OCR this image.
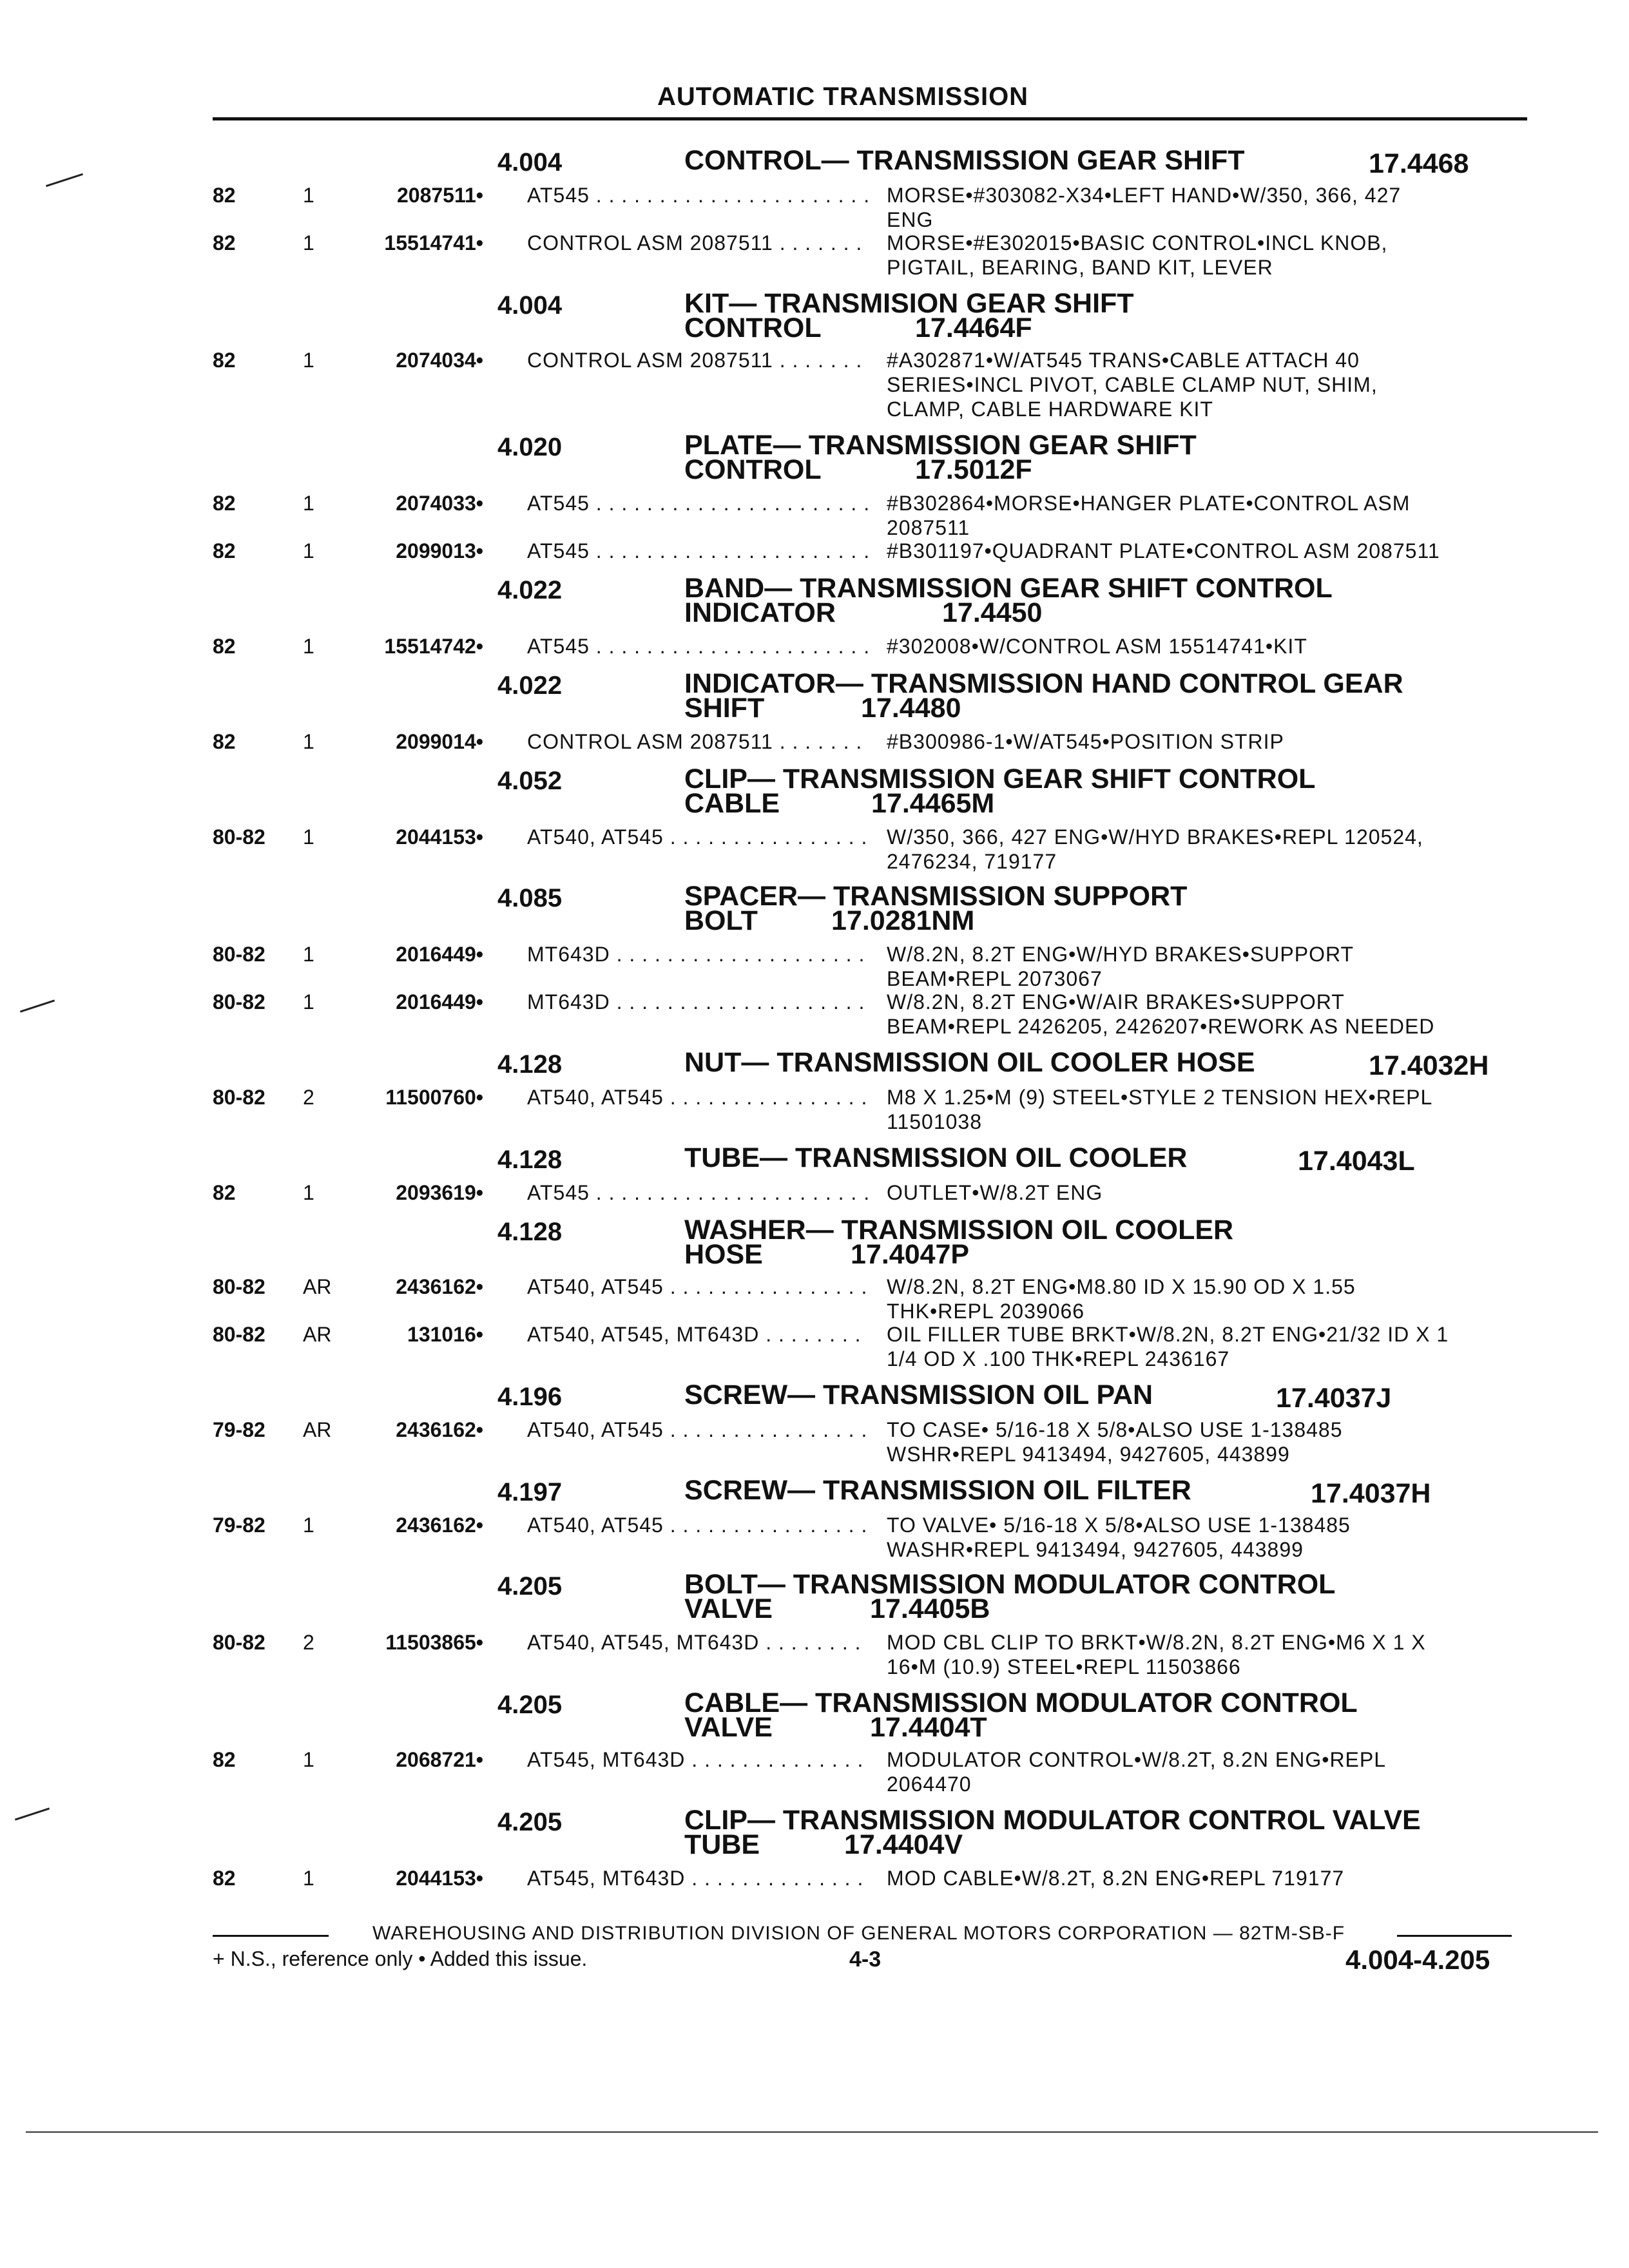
AUTOMATIC TRANSMISSION
4.004	CONTROL— TRANSMISSION GEAR SHIFT	17.4468
82	1	2087511• AT545 . . .	MORSE•#303082-X34•LEFT HAND•W/350, 366, 427
ENG
82	1	15514741• CONTROL ASM 2087511 . . .	MORSE•#E302015•BASIC CONTROL•INCL KNOB,
PIGTAIL, BEARING, BAND KIT, LEVER
4.004	KIT— TRANSMISION GEAR SHIFT
CONTROL	17.4464F
82	1	2074034• CONTROL ASM 2087511 . . .	#A302871•W/AT545 TRANS•CABLE ATTACH 40
SERIES•INCL PIVOT, CABLE CLAMP NUT, SHIM,
CLAMP, CABLE HARDWARE KIT
4.020	PLATE— TRANSMISSION GEAR SHIFT
CONTROL	17.5012F
82	1	2074033• AT545 . . .	#B302864•MORSE•HANGER PLATE•CONTROL ASM
2087511
82	1	2099013• AT545 . . .	#B301197•QUADRANT PLATE•CONTROL ASM 2087511
4.022	BAND— TRANSMISSION GEAR SHIFT CONTROL
INDICATOR	17.4450
82	1	15514742• AT545 . . .	#302008•W/CONTROL ASM 15514741•KIT
4.022	INDICATOR— TRANSMISSION HAND CONTROL GEAR
SHIFT	17.4480
82	1	2099014• CONTROL ASM 2087511 . . .	#B300986-1•W/AT545•POSITION STRIP
4.052	CLIP— TRANSMISSION GEAR SHIFT CONTROL
CABLE	17.4465M
80-82 1	2044153• AT540, AT545 . . .	W/350, 366, 427 ENG•W/HYD BRAKES•REPL 120524,
2476234, 719177
4.085	SPACER— TRANSMISSION SUPPORT
BOLT	17.0281NM
80-82 1	2016449• MT643D . . .	W/8.2N, 8.2T ENG•W/HYD BRAKES•SUPPORT
BEAM•REPL 2073067
80-82 1	2016449• MT643D . . .	W/8.2N, 8.2T ENG•W/AIR BRAKES•SUPPORT
BEAM•REPL 2426205, 2426207•REWORK AS NEEDED
4.128	NUT— TRANSMISSION OIL COOLER HOSE	17.4032H
80-82 2	11500760• AT540, AT545 . . .	M8 X 1.25•M (9) STEEL•STYLE 2 TENSION HEX•REPL
11501038
4.128	TUBE— TRANSMISSION OIL COOLER	17.4043L
82	1	2093619• AT545 . . .	OUTLET•W/8.2T ENG
4.128	WASHER— TRANSMISSION OIL COOLER
HOSE	17.4047P
80-82 AR	2436162• AT540, AT545 . . .	W/8.2N, 8.2T ENG•M8.80 ID X 15.90 OD X 1.55
THK•REPL 2039066
80-82 AR	131016• AT540, AT545, MT643D . . .	OIL FILLER TUBE BRKT•W/8.2N, 8.2T ENG•21/32 ID X 1
1/4 OD X .100 THK•REPL 2436167
4.196	SCREW— TRANSMISSION OIL PAN	17.4037J
79-82 AR	2436162• AT540, AT545 . . .	TO CASE• 5/16-18 X 5/8•ALSO USE 1-138485
WSHR•REPL 9413494, 9427605, 443899
4.197	SCREW— TRANSMISSION OIL FILTER	17.4037H
79-82 1	2436162• AT540, AT545 . . .	TO VALVE• 5/16-18 X 5/8•ALSO USE 1-138485
WASHR•REPL 9413494, 9427605, 443899
4.205	BOLT— TRANSMISSION MODULATOR CONTROL
VALVE	17.4405B
80-82 2	11503865• AT540, AT545, MT643D . . .	MOD CBL CLIP TO BRKT•W/8.2N, 8.2T ENG•M6 X 1 X
16•M (10.9) STEEL•REPL 11503866
4.205	CABLE— TRANSMISSION MODULATOR CONTROL
VALVE	17.4404T
82	1	2068721• AT545, MT643D . . .	MODULATOR CONTROL•W/8.2T, 8.2N ENG•REPL
2064470
4.205	CLIP— TRANSMISSION MODULATOR CONTROL VALVE
TUBE	17.4404V
82	1	2044153• AT545, MT643D . . .	MOD CABLE•W/8.2T, 8.2N ENG•REPL 719177
WAREHOUSING AND DISTRIBUTION DIVISION OF GENERAL MOTORS CORPORATION — 82TM-SB-F
+ N.S., reference only • Added this issue.	4-3	4.004-4.205
